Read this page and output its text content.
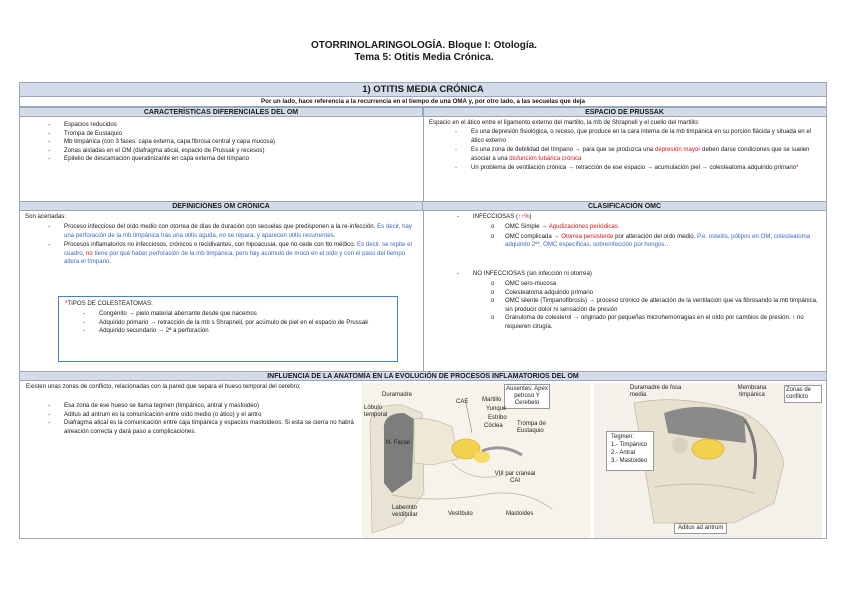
OTORRINOLARINGOLOGÍA. Bloque I: Otología.
Tema 5: Otitis Media Crónica.
1) OTITIS MEDIA CRÓNICA
Por un lado, hace referencia a la recurrencia en el tiempo de una OMA y, por otro lado, a las secuelas que deja
CARACTERÍSTICAS DIFERENCIALES DEL OM	ESPACIO DE PRUSSAK
- Espacios reducidos
- Trompa de Eustaquio
- Mb timpánica (con 3 fases: capa externa, capa fibrosa central y capa mucosa)
- Zonas aisladas en el OM (diafragma atical, espacio de Prussak y recesos)
- Epitelio de descamación queratinizante en capa externa del tímpano
Espacio en el ático entre el ligamento externo del martillo, la mb de Shrapnell y el cuello del martillo:
- Es una depresión fisiológica, o receso, que produce en la cara interna de la mb timpánica en su porción flácida y situada en el ático externo
- Es una zona de debilidad del tímpano → para que se produzca una depresión mayor deben darse condiciones que se suelen asociar a una disfunción tubárica crónica
- Un problema de ventilación crónica → retracción de ese espacio → acumulación piel → colesteatoma adquirido primario*
DEFINICIONES OM CRÓNICA	CLASIFICACIÓN OMC
Son acertadas:
- Proceso infeccioso del oído medio con otorrea de días de duración con secuelas que predisponen a la re-infección. Es decir, hay una perforación de la mb timpánica tras una otitis aguda, no se repara, y aparecen otitis recurrentes.
- Procesos inflamatorios no infecciosos, crónicos o recidivantes, con hipoacusia, que no cede con tto médico. Es decir, se repite el cuadro, no tiene por qué haber perforación de la mb timpánica, pero hay acúmulo de moco en el oído y con el paso del tiempo altera el tímpano.
*TIPOS DE COLESTEATOMAS:
- Congénito → pielo material aberrante desde que nacemos
- Adquirido primario → retracción de la mb s Shrapnell, por acúmulo de piel en el espacio de Prussak
- Adquirido secundario → 2ª a perforación
- INFECCIOSAS (↑↑%)
o OMC Simple → Agudizaciones periódicas
o OMC complicada → Otorrea persistente por alteración del oído medio. P.e. osteitis, pólipos en OM, colesteatoma adquirido 2ª*, OMC específicas, sobreinfección por hongos…
- NO INFECCIOSAS (sin infección ni otorrea)
o OMC sero-mucosa
o Colesteatoma adquirido primario
o OMC silente (Timpanofibrosis) → proceso crónico de alteración de la ventilación que va fibrosando la mb timpánica, sin producir dolor ni sensación de presión
o Granuloma de colesterol → originado por pequeñas microhemorragias en el oído por cambios de presión. ↑ no requieren cirugía.
INFLUENCIA DE LA ANATOMÍA EN LA EVOLUCIÓN DE PROCESOS INFLAMATORIOS DEL OM
Existen unas zonas de conflicto, relacionadas con la pared que separa el hueso temporal del cerebro:
- Esa zona de ese hueso se llama tegmen (timpánico, antral y mastoideo)
- Aditus ad antrum es la comunicación entre oído medio (o ático) y el antro
- Diafragma atical es la comunicación entre caja timpánica y espacios mastoideos. Si esta se cierra no habrá aireación correcta y dará paso a complicaciones.
Duramadre
Lóbulo temporal
Ausentes: Apex petroso Y Cerebelo
CAE Martillo
Yunque
Estribo
Cóclea Trompa de Eustaquio
N. Facial
VIII par craneal CAI
Laberinto vestibular	Vestíbulo	Mastoides
Duramadre de fosa media
Membrana timpánica
Zonas de conflicto
Tegmen:
1.- Timpánico
2.- Antral
3.- Mastoideo
Aditus ad antrum
